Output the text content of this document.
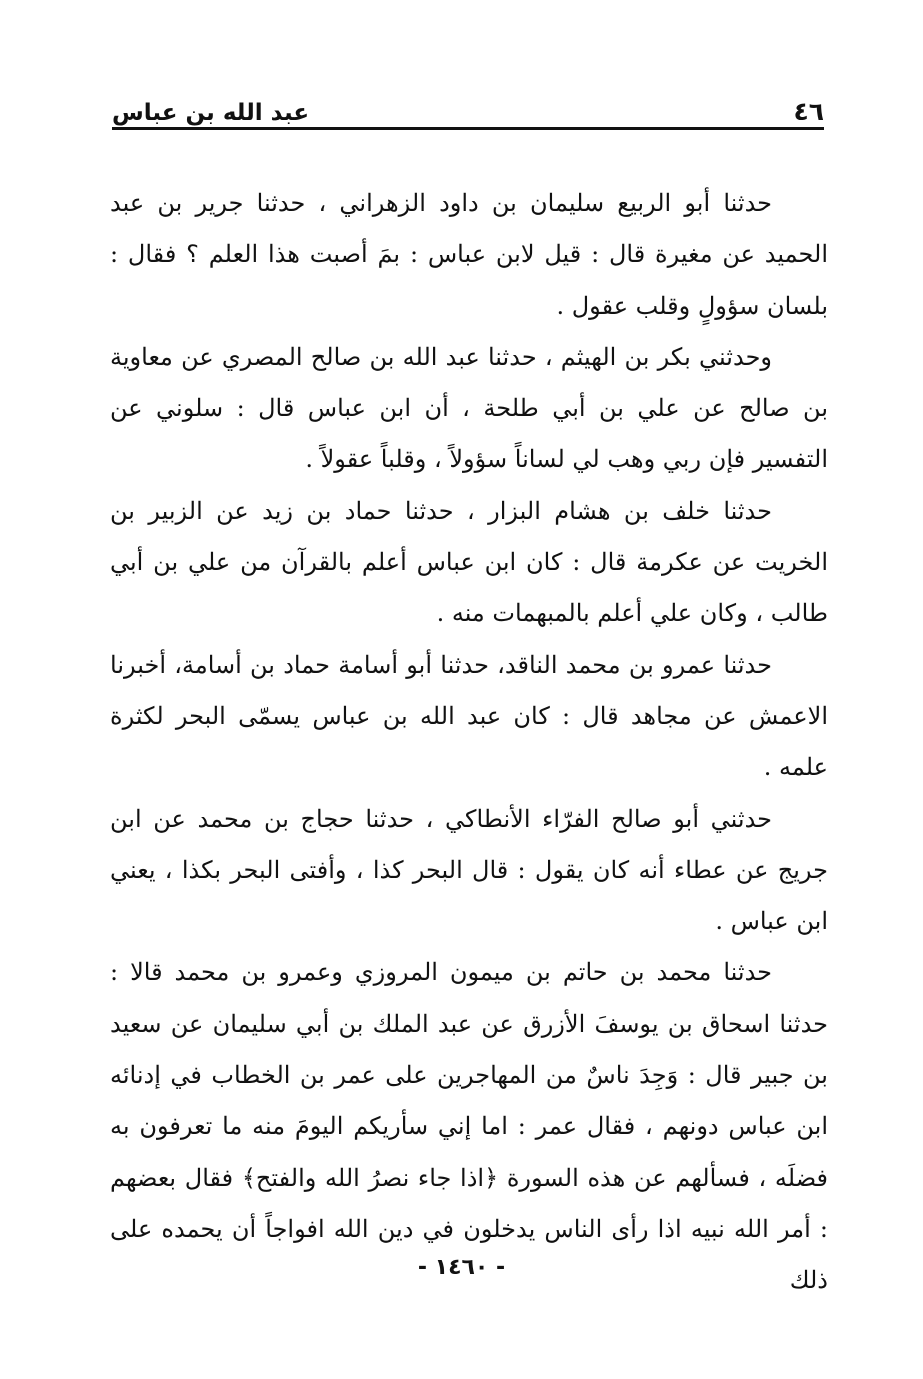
٤٦
عبد الله بن عباس

حدثنا أبو الربيع سليمان بن داود الزهراني ، حدثنا جرير بن عبد الحميد عن مغيرة قال : قيل لابن عباس : بمَ أصبت هذا العلم ؟ فقال : بلسان سؤولٍ وقلب عقول .

وحدثني بكر بن الهيثم ، حدثنا عبد الله بن صالح المصري عن معاوية بن صالح عن علي بن أبي طلحة ، أن ابن عباس قال : سلوني عن التفسير فإن ربي وهب لي لساناً سؤولاً ، وقلباً عقولاً .

حدثنا خلف بن هشام البزار ، حدثنا حماد بن زيد عن الزبير بن الخريت عن عكرمة قال : كان ابن عباس أعلم بالقرآن من علي بن أبي طالب ، وكان علي أعلم بالمبهمات منه .

حدثنا عمرو بن محمد الناقد، حدثنا أبو أسامة حماد بن أسامة، أخبرنا الاعمش عن مجاهد قال : كان عبد الله بن عباس يسمّى البحر لكثرة علمه .

حدثني أبو صالح الفرّاء الأنطاكي ، حدثنا حجاج بن محمد عن ابن جريج عن عطاء أنه كان يقول : قال البحر كذا ، وأفتى البحر بكذا ، يعني ابن عباس .

حدثنا محمد بن حاتم بن ميمون المروزي وعمرو بن محمد قالا : حدثنا اسحاق بن يوسفَ الأزرق عن عبد الملك بن أبي سليمان عن سعيد بن جبير قال : وَجِدَ ناسٌ من المهاجرين على عمر بن الخطاب في إدنائه ابن عباس دونهم ، فقال عمر : اما إني سأريكم اليومَ منه ما تعرفون به فضلَه ، فسألهم عن هذه السورة ﴿اذا جاء نصرُ الله والفتح﴾ فقال بعضهم : أمر الله نبيه اذا رأى الناس يدخلون في دين الله افواجاً أن يحمده على ذلك

- ١٤٦٠ -
